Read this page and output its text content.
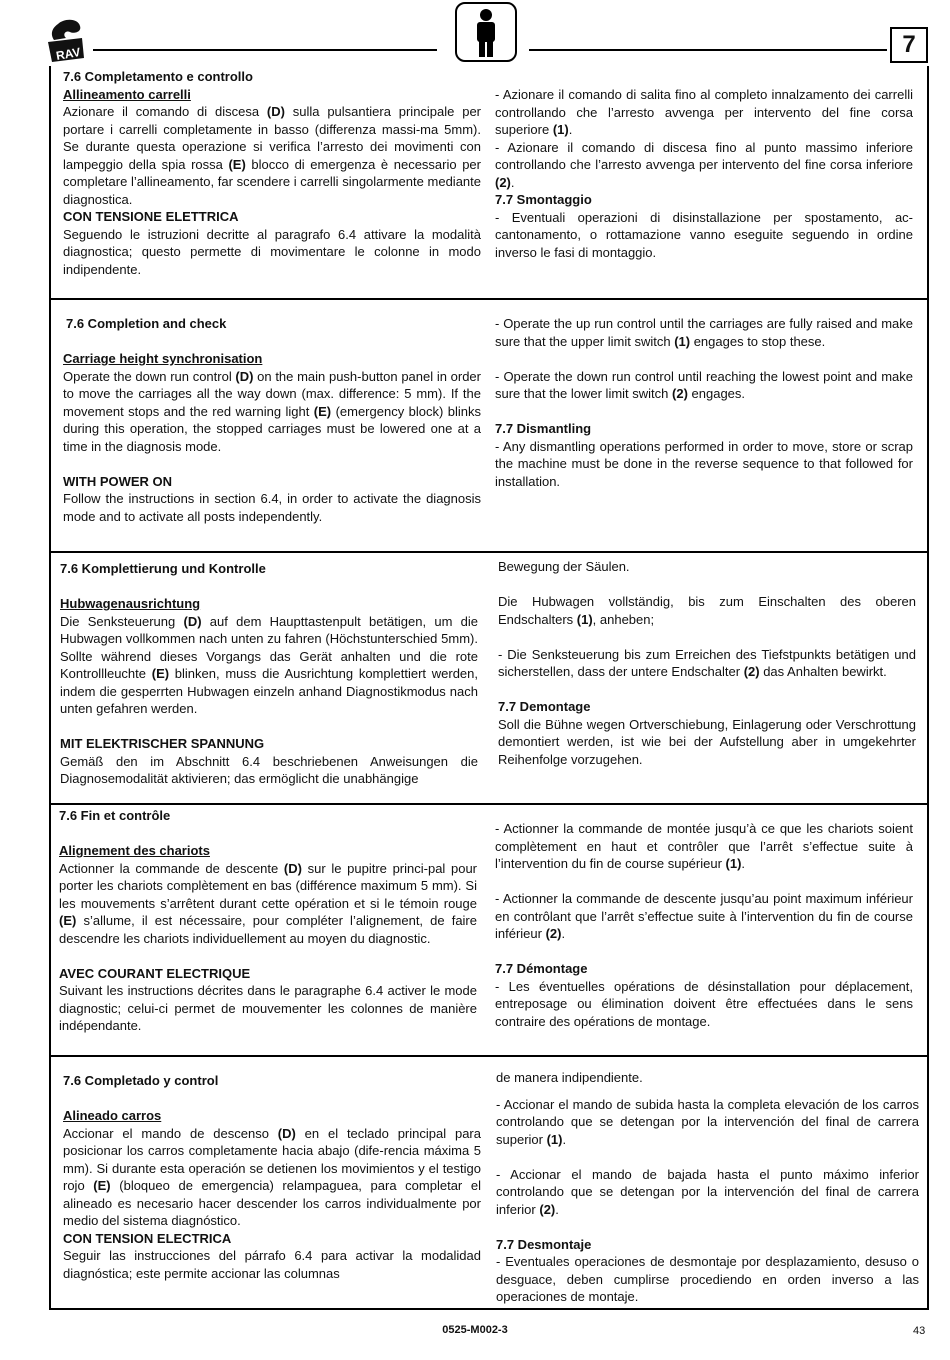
RAV	7

7.6 Completamento e controllo

Allineamento carrelli

Azionare il comando di discesa (D) sulla pulsantiera principale per portare i carrelli completamente in basso (differenza massi-ma 5mm). Se durante questa operazione si verifica l’arresto dei movimenti con lampeggio della spia rossa (E) blocco di emergenza è necessario per completare l’allineamento, far scendere i carrelli singolarmente mediante diagnostica.

CON TENSIONE ELETTRICA

Seguendo le istruzioni decritte al paragrafo 6.4 attivare la modalità diagnostica; questo permette di movimentare le colonne in modo indipendente.

- Azionare il comando di salita fino al completo innalzamento dei carrelli controllando che l’arresto avvenga per intervento del fine corsa superiore (1).

- Azionare il comando di discesa fino al punto massimo inferiore controllando che l’arresto avvenga per intervento del fine corsa inferiore (2).

7.7 Smontaggio

- Eventuali operazioni di disinstallazione per spostamento, ac-cantonamento, o rottamazione vanno eseguite seguendo in ordine inverso le fasi di montaggio.

7.6 Completion and check

Carriage height synchronisation

Operate the down run control (D) on the main push-button panel in order to move the carriages all the way down (max. difference: 5 mm). If the movement stops and the red warning light (E) (emergency block) blinks during this operation, the stopped carriages must be lowered one at a time in the diagnosis mode.

WITH POWER ON

Follow the instructions in section 6.4, in order to activate the diagnosis mode and to activate all posts independently.

- Operate the up run control until the carriages are fully raised and make sure that the upper limit switch (1) engages to stop these.

- Operate the down run control until reaching the lowest point and make sure that the lower limit switch (2) engages.

7.7 Dismantling

- Any dismantling operations performed in order to move, store or scrap the machine must be done in the reverse sequence to that followed for installation.

7.6 Komplettierung und Kontrolle

Hubwagenausrichtung

Die Senksteuerung (D) auf dem Haupttastenpult betätigen, um die Hubwagen vollkommen nach unten zu fahren (Höchstunterschied 5mm). Sollte während dieses Vorgangs das Gerät anhalten und die rote Kontrollleuchte (E) blinken, muss die Ausrichtung komplettiert werden, indem die gesperrten Hubwagen einzeln anhand Diagnostikmodus nach unten gefahren werden.

MIT ELEKTRISCHER SPANNUNG

Gemäß den im Abschnitt 6.4 beschriebenen Anweisungen die Diagnosemodalität aktivieren; das ermöglicht die unabhängige

Bewegung der Säulen.

Die Hubwagen vollständig, bis zum Einschalten des oberen Endschalters (1), anheben;

- Die Senksteuerung bis zum Erreichen des Tiefstpunkts betätigen und sicherstellen, dass der untere Endschalter (2) das Anhalten bewirkt.

7.7 Demontage

Soll die Bühne wegen Ortverschiebung, Einlagerung oder Verschrottung demontiert werden, ist wie bei der Aufstellung aber in umgekehrter Reihenfolge vorzugehen.

7.6 Fin et contrôle

Alignement des chariots

Actionner la commande de descente (D) sur le pupitre princi-pal pour porter les chariots complètement en bas (différence maximum 5 mm). Si les mouvements s’arrêtent durant cette opération et si le témoin rouge (E) s’allume, il est nécessaire, pour compléter l’alignement, de faire descendre les chariots individuellement au moyen du diagnostic.

AVEC COURANT ELECTRIQUE

Suivant les instructions décrites dans le paragraphe 6.4 activer le mode diagnostic; celui-ci permet de mouvementer les colonnes de manière indépendante.

- Actionner la commande de montée jusqu’à ce que les chariots soient complètement en haut et contrôler que l’arrêt s’effectue suite à l’intervention du fin de course supérieur (1).

- Actionner la commande de descente jusqu’au point maximum inférieur en contrôlant que l’arrêt s’effectue suite à l’intervention du fin de course inférieur (2).

7.7 Démontage

- Les éventuelles opérations de désinstallation pour déplacement, entreposage ou élimination doivent être effectuées dans le sens contraire des opérations de montage.

7.6 Completado y control

Alineado carros

Accionar el mando de descenso (D) en el teclado principal para posicionar los carros completamente hacia abajo (dife-rencia máxima 5 mm). Si durante esta operación se detienen los movimientos y el testigo rojo (E) (bloqueo de emergencia) relampaguea, para completar el alineado es necesario hacer descender los carros individualmente por medio del sistema diagnóstico.

CON TENSION ELECTRICA

Seguir las instrucciones del párrafo 6.4 para activar la modalidad diagnóstica; este permite accionar las columnas

de manera indipendiente.

- Accionar el mando de subida hasta la completa elevación de los carros controlando que se detengan por la intervención del final de carrera superior (1).

- Accionar el mando de bajada hasta el punto máximo inferior controlando que se detengan por la intervención del final de carrera inferior (2).

7.7 Desmontaje

- Eventuales operaciones de desmontaje por desplazamiento, desuso o desguace, deben cumplirse procediendo en orden inverso a las operaciones de montaje.

0525-M002-3	43
